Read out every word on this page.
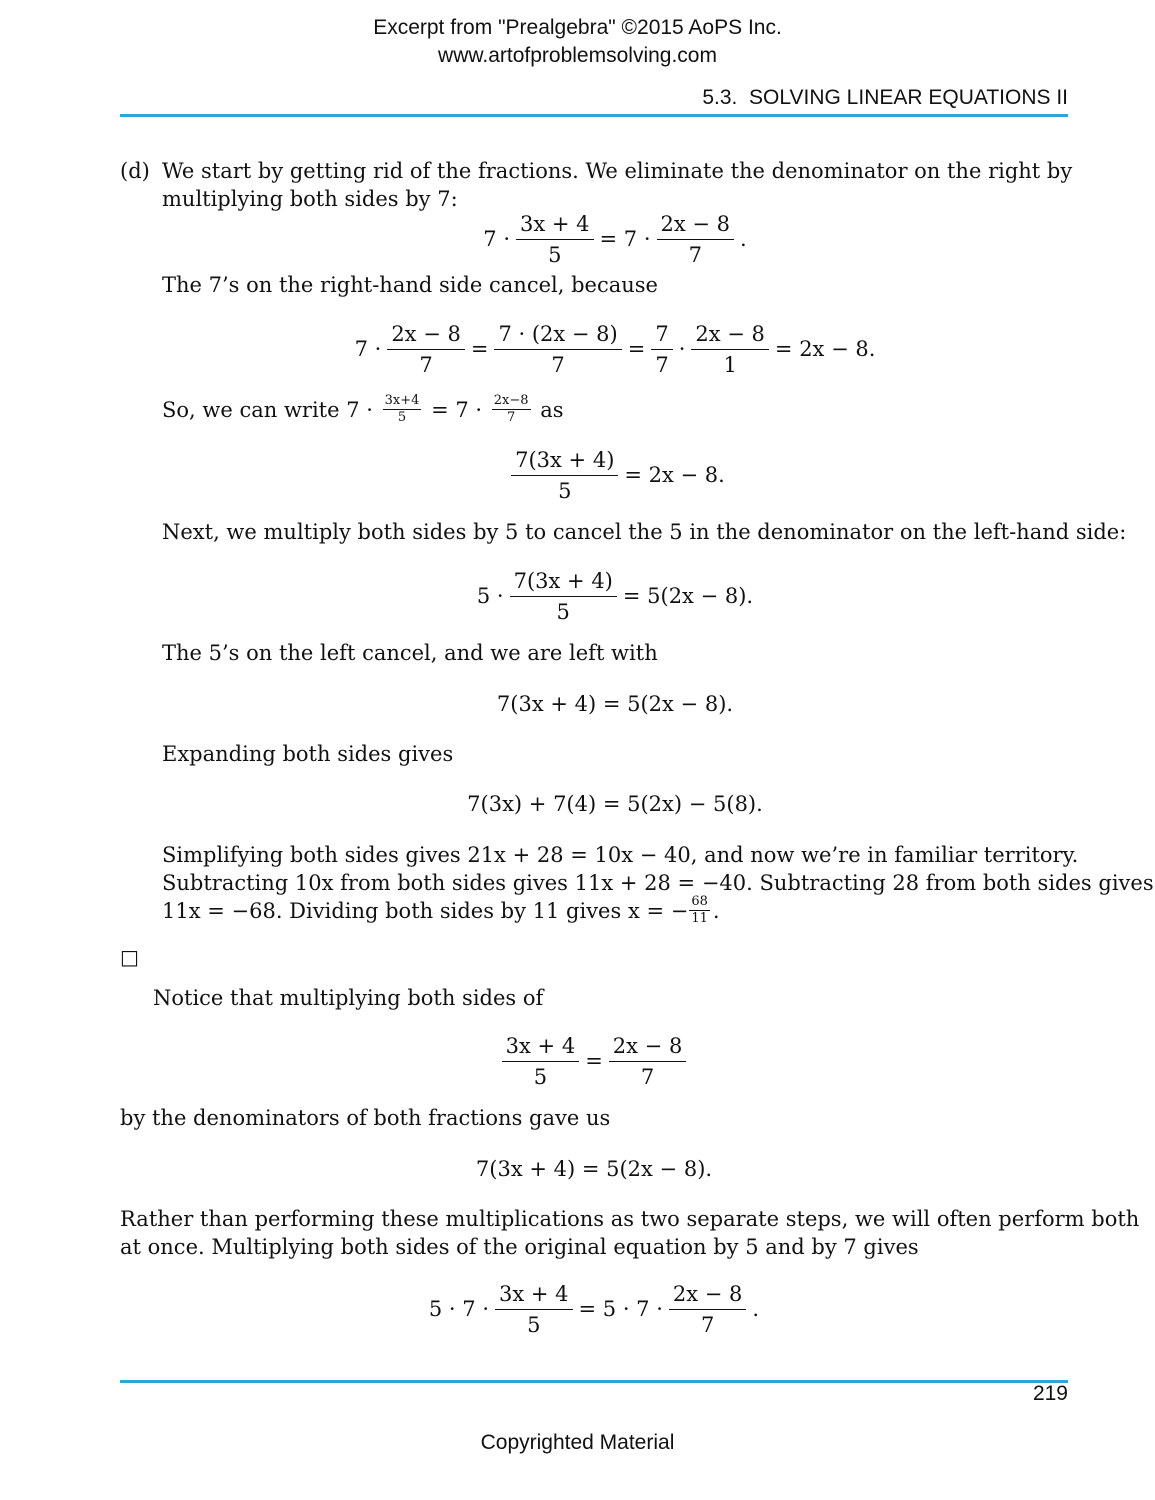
Excerpt from "Prealgebra" ©2015 AoPS Inc.
www.artofproblemsolving.com
5.3.  SOLVING LINEAR EQUATIONS II
(d) We start by getting rid of the fractions. We eliminate the denominator on the right by
multiplying both sides by 7:
$7 \cdot \frac{3x + 4}{5} = 7 \cdot \frac{2x - 8}{7}$ .
The 7’s on the right-hand side cancel, because
$7 \cdot \frac{2x - 8}{7} = \frac{7 \cdot (2x - 8)}{7} = \frac{7}{7} \cdot \frac{2x - 8}{1} = 2x - 8$.
So, we can write $7 \cdot \frac{3x+4}{5} = 7 \cdot \frac{2x-8}{7}$ as
$\frac{7(3x + 4)}{5} = 2x - 8$.
Next, we multiply both sides by 5 to cancel the 5 in the denominator on the left-hand side:
$5 \cdot \frac{7(3x + 4)}{5} = 5(2x - 8)$.
The 5’s on the left cancel, and we are left with
7(3x + 4) = 5(2x − 8).
Expanding both sides gives
7(3x) + 7(4) = 5(2x) − 5(8).
Simplifying both sides gives 21x + 28 = 10x − 40, and now we’re in familiar territory.
Subtracting 10x from both sides gives 11x + 28 = −40. Subtracting 28 from both sides gives
11x = −68. Dividing both sides by 11 gives x = − $\frac{68}{11}$ .
□
Notice that multiplying both sides of
$\frac{3x + 4}{5} = \frac{2x - 8}{7}$
by the denominators of both fractions gave us
7(3x + 4) = 5(2x − 8).
Rather than performing these multiplications as two separate steps, we will often perform both
at once. Multiplying both sides of the original equation by 5 and by 7 gives
$5 \cdot 7 \cdot \frac{3x + 4}{5} = 5 \cdot 7 \cdot \frac{2x - 8}{7}$ .
219
Copyrighted Material
